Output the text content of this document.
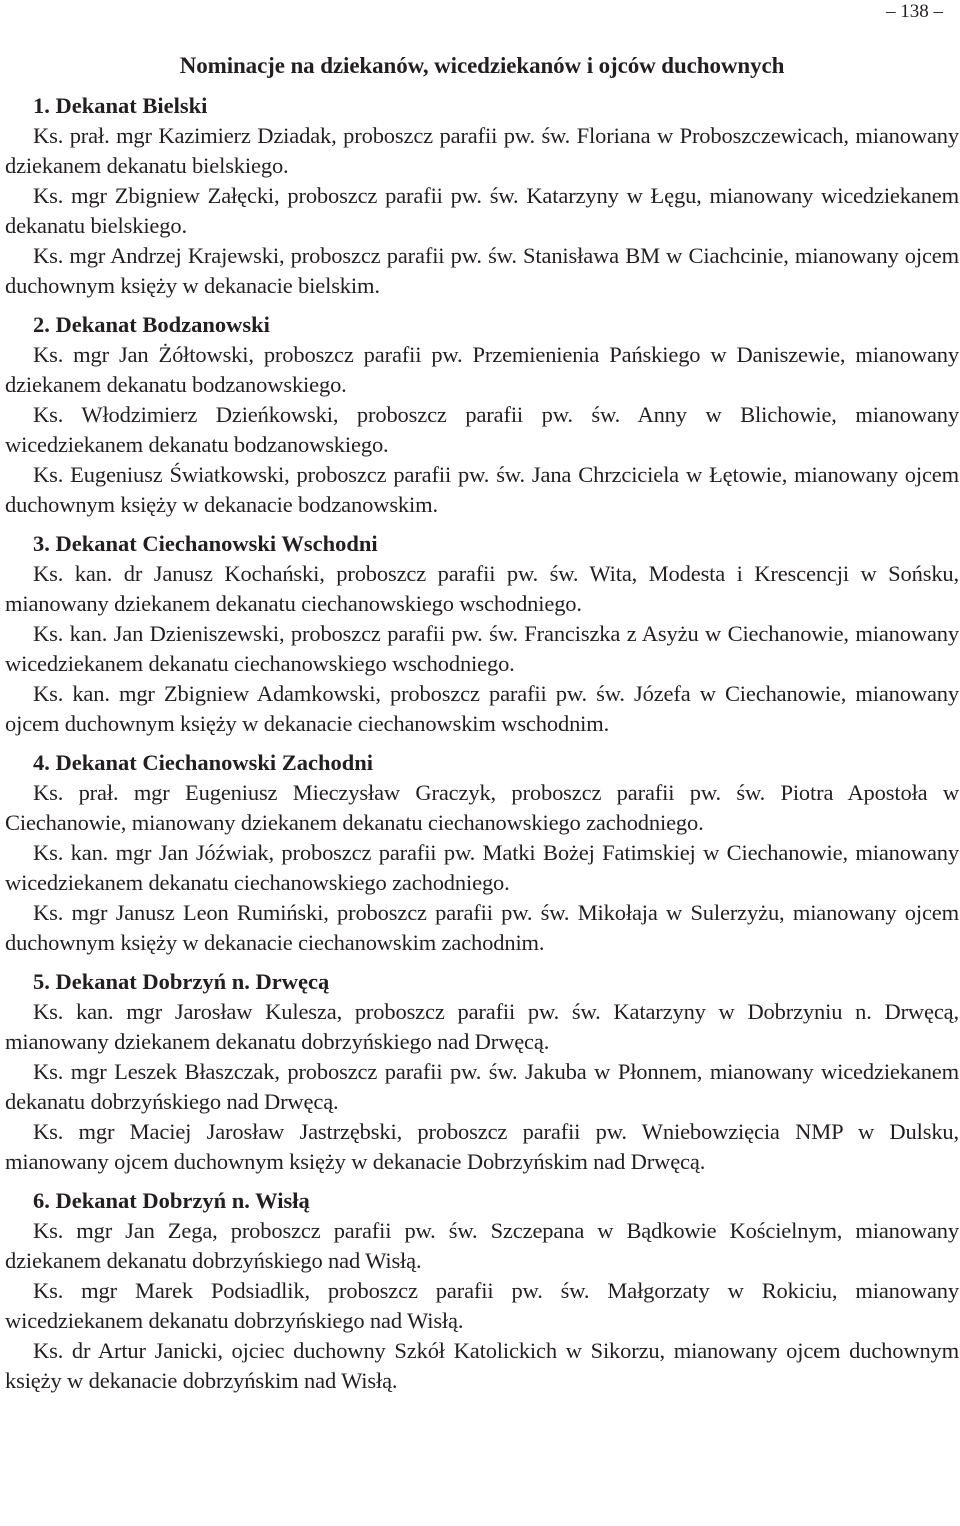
– 138 –
Nominacje na dziekanów, wicedziekanów i ojców duchownych

1. Dekanat Bielski

Ks. prał. mgr Kazimierz Dziadak, proboszcz parafii pw. św. Floriana w Proboszczewicach, mianowany dziekanem dekanatu bielskiego.

Ks. mgr Zbigniew Załęcki, proboszcz parafii pw. św. Katarzyny w Łęgu, mianowany wicedziekanem dekanatu bielskiego.

Ks. mgr Andrzej Krajewski, proboszcz parafii pw. św. Stanisława BM w Ciachcinie, mianowany ojcem duchownym księży w dekanacie bielskim.

2. Dekanat Bodzanowski

Ks. mgr Jan Żółtowski, proboszcz parafii pw. Przemienienia Pańskiego w Daniszewie, mianowany dziekanem dekanatu bodzanowskiego.

Ks. Włodzimierz Dzieńkowski, proboszcz parafii pw. św. Anny w Blichowie, mianowany wicedziekanem dekanatu bodzanowskiego.

Ks. Eugeniusz Światkowski, proboszcz parafii pw. św. Jana Chrzciciela w Łętowie, mianowany ojcem duchownym księży w dekanacie bodzanowskim.

3. Dekanat Ciechanowski Wschodni

Ks. kan. dr Janusz Kochański, proboszcz parafii pw. św. Wita, Modesta i Krescencji w Sońsku, mianowany dziekanem dekanatu ciechanowskiego wschodniego.

Ks. kan. Jan Dzieniszewski, proboszcz parafii pw. św. Franciszka z Asyżu w Ciechanowie, mianowany wicedziekanem dekanatu ciechanowskiego wschodniego.

Ks. kan. mgr Zbigniew Adamkowski, proboszcz parafii pw. św. Józefa w Ciechanowie, mianowany ojcem duchownym księży w dekanacie ciechanowskim wschodnim.

4. Dekanat Ciechanowski Zachodni

Ks. prał. mgr Eugeniusz Mieczysław Graczyk, proboszcz parafii pw. św. Piotra Apostoła w Ciechanowie, mianowany dziekanem dekanatu ciechanowskiego zachodniego.

Ks. kan. mgr Jan Jóźwiak, proboszcz parafii pw. Matki Bożej Fatimskiej w Ciechanowie, mianowany wicedziekanem dekanatu ciechanowskiego zachodniego.

Ks. mgr Janusz Leon Rumiński, proboszcz parafii pw. św. Mikołaja w Sulerzyżu, mianowany ojcem duchownym księży w dekanacie ciechanowskim zachodnim.

5. Dekanat Dobrzyń n. Drwęcą

Ks. kan. mgr Jarosław Kulesza, proboszcz parafii pw. św. Katarzyny w Dobrzyniu n. Drwęcą, mianowany dziekanem dekanatu dobrzyńskiego nad Drwęcą.

Ks. mgr Leszek Błaszczak, proboszcz parafii pw. św. Jakuba w Płonnem, mianowany wicedziekanem dekanatu dobrzyńskiego nad Drwęcą.

Ks. mgr Maciej Jarosław Jastrzębski, proboszcz parafii pw. Wniebowzięcia NMP w Dulsku, mianowany ojcem duchownym księży w dekanacie Dobrzyńskim nad Drwęcą.

6. Dekanat Dobrzyń n. Wisłą

Ks. mgr Jan Zega, proboszcz parafii pw. św. Szczepana w Bądkowie Kościelnym, mianowany dziekanem dekanatu dobrzyńskiego nad Wisłą.

Ks. mgr Marek Podsiadlik, proboszcz parafii pw. św. Małgorzaty w Rokiciu, mianowany wicedziekanem dekanatu dobrzyńskiego nad Wisłą.

Ks. dr Artur Janicki, ojciec duchowny Szkół Katolickich w Sikorzu, mianowany ojcem duchownym księży w dekanacie dobrzyńskim nad Wisłą.
